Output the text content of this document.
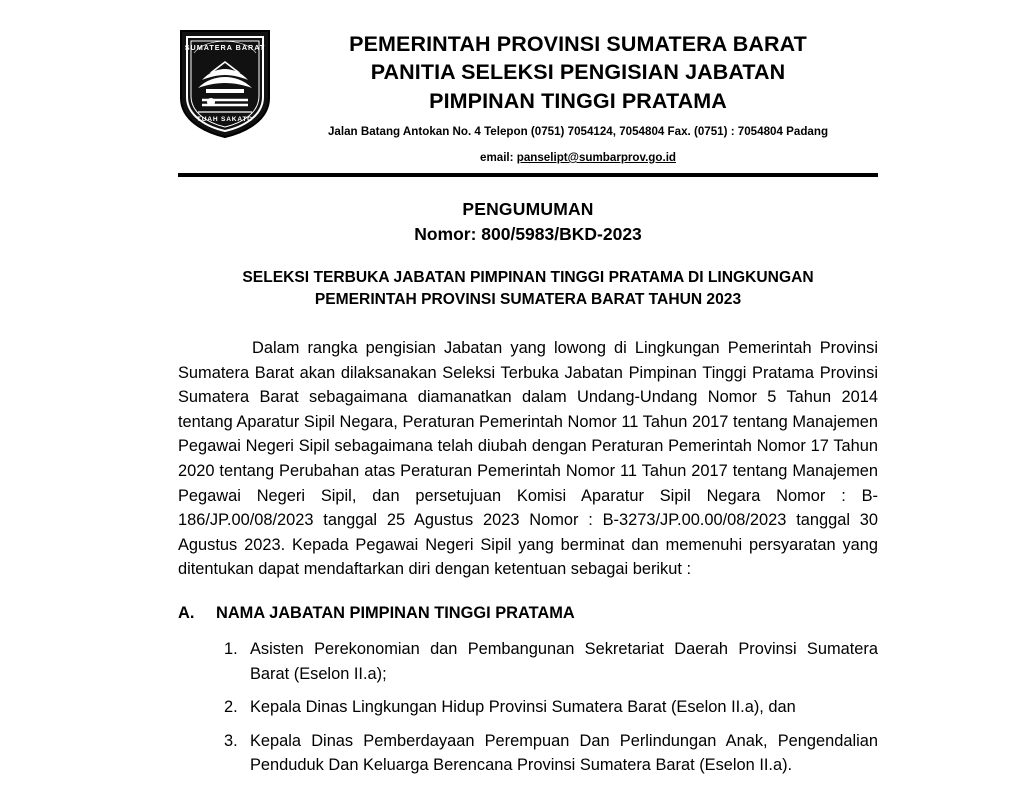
SUMATERA BARAT
TUAH SAKATO
PEMERINTAH PROVINSI SUMATERA BARAT
PANITIA SELEKSI PENGISIAN JABATAN
PIMPINAN TINGGI PRATAMA
Jalan Batang Antokan No. 4 Telepon (0751) 7054124, 7054804 Fax. (0751) : 7054804 Padang
email: panselipt@sumbarprov.go.id
PENGUMUMAN
Nomor: 800/5983/BKD-2023
SELEKSI TERBUKA JABATAN PIMPINAN TINGGI PRATAMA DI LINGKUNGAN
PEMERINTAH PROVINSI SUMATERA BARAT TAHUN 2023
Dalam rangka pengisian Jabatan yang lowong di Lingkungan Pemerintah Provinsi Sumatera Barat akan dilaksanakan Seleksi Terbuka Jabatan Pimpinan Tinggi Pratama Provinsi Sumatera Barat sebagaimana diamanatkan dalam Undang-Undang Nomor 5 Tahun 2014 tentang Aparatur Sipil Negara, Peraturan Pemerintah Nomor 11 Tahun 2017 tentang Manajemen Pegawai Negeri Sipil sebagaimana telah diubah dengan Peraturan Pemerintah Nomor 17 Tahun 2020 tentang Perubahan atas Peraturan Pemerintah Nomor 11 Tahun 2017 tentang Manajemen Pegawai Negeri Sipil, dan persetujuan Komisi Aparatur Sipil Negara Nomor : B-186/JP.00/08/2023 tanggal 25 Agustus 2023 Nomor : B-3273/JP.00.00/08/2023 tanggal 30 Agustus 2023. Kepada Pegawai Negeri Sipil yang berminat dan memenuhi persyaratan yang ditentukan dapat mendaftarkan diri dengan ketentuan sebagai berikut :
A.	NAMA JABATAN PIMPINAN TINGGI PRATAMA
Asisten Perekonomian dan Pembangunan Sekretariat Daerah Provinsi Sumatera Barat (Eselon II.a);
Kepala Dinas Lingkungan Hidup Provinsi Sumatera Barat (Eselon II.a), dan
Kepala Dinas Pemberdayaan Perempuan Dan Perlindungan Anak, Pengendalian Penduduk Dan Keluarga Berencana Provinsi Sumatera Barat (Eselon II.a).
